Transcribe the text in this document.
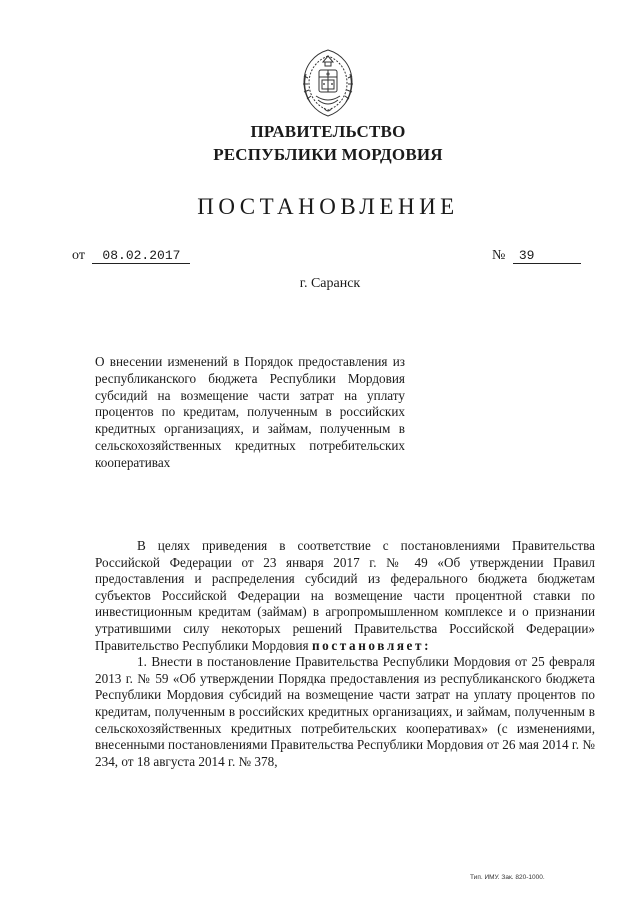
ПРАВИТЕЛЬСТВО
РЕСПУБЛИКИ МОРДОВИЯ
ПОСТАНОВЛЕНИЕ
от 08.02.2017	№ 39
г. Саранск
О внесении изменений в Порядок предоставления из республиканского бюджета Республики Мордовия субсидий на возмещение части затрат на уплату процентов по кредитам, полученным в российских кредитных организациях, и займам, полученным в сельскохозяйственных кредитных потребительских кооперативах

В целях приведения в соответствие с постановлениями Правительства Российской Федерации от 23 января 2017 г. № 49 «Об утверждении Правил предоставления и распределения субсидий из федерального бюджета бюджетам субъектов Российской Федерации на возмещение части процентной ставки по инвестиционным кредитам (займам) в агропромышленном комплексе и о признании утратившими силу некоторых решений Правительства Российской Федерации» Правительство Республики Мордовия постановляет:

1. Внести в постановление Правительства Республики Мордовия от 25 февраля 2013 г. № 59 «Об утверждении Порядка предоставления из республиканского бюджета Республики Мордовия субсидий на возмещение части затрат на уплату процентов по кредитам, полученным в российских кредитных организациях, и займам, полученным в сельскохозяйственных кредитных потребительских кооперативах» (с изменениями, внесенными постановлениями Правительства Республики Мордовия от 26 мая 2014 г. № 234, от 18 августа 2014 г. № 378,

Тип. ИМУ. Зак. 820-1000.
